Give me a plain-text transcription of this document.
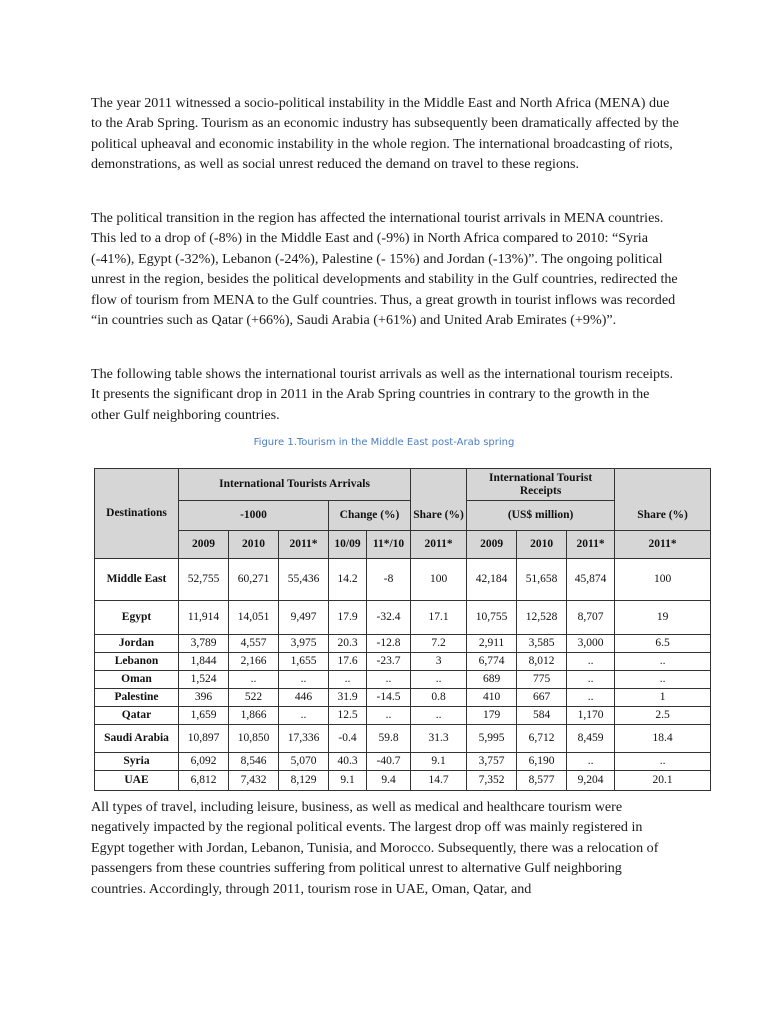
The year 2011 witnessed a socio-political instability in the Middle East and North Africa (MENA) due to the Arab Spring. Tourism as an economic industry has subsequently been dramatically affected by the political upheaval and economic instability in the whole region. The international broadcasting of riots, demonstrations, as well as social unrest reduced the demand on travel to these regions.

The political transition in the region has affected the international tourist arrivals in MENA countries. This led to a drop of (-8%) in the Middle East and (-9%) in North Africa compared to 2010: “Syria (-41%), Egypt (-32%), Lebanon (-24%), Palestine (- 15%) and Jordan (-13%)”. The ongoing political unrest in the region, besides the political developments and stability in the Gulf countries, redirected the flow of tourism from MENA to the Gulf countries. Thus, a great growth in tourist inflows was recorded “in countries such as Qatar (+66%), Saudi Arabia (+61%) and United Arab Emirates (+9%)”.

The following table shows the international tourist arrivals as well as the international tourism receipts. It presents the significant drop in 2011 in the Arab Spring countries in contrary to the growth in the other Gulf neighboring countries.

Figure 1.Tourism in the Middle East post-Arab spring
Destinations	International Tourists Arrivals						International Tourist Receipts			
	-1000			Change (%)		Share (%)	(US$ million)			Share (%)
	2009	2010	2011*	10/09	11*/10	2011*	2009	2010	2011*	2011*
Middle East	52,755	60,271	55,436	14.2	-8	100	42,184	51,658	45,874	100
Egypt	11,914	14,051	9,497	17.9	-32.4	17.1	10,755	12,528	8,707	19
Jordan	3,789	4,557	3,975	20.3	-12.8	7.2	2,911	3,585	3,000	6.5
Lebanon	1,844	2,166	1,655	17.6	-23.7	3	6,774	8,012	..	..
Oman	1,524	..	..	..	..	..	689	775	..	..
Palestine	396	522	446	31.9	-14.5	0.8	410	667	..	1
Qatar	1,659	1,866	..	12.5	..	..	179	584	1,170	2.5
Saudi Arabia	10,897	10,850	17,336	-0.4	59.8	31.3	5,995	6,712	8,459	18.4
Syria	6,092	8,546	5,070	40.3	-40.7	9.1	3,757	6,190	..	..
UAE	6,812	7,432	8,129	9.1	9.4	14.7	7,352	8,577	9,204	20.1

All types of travel, including leisure, business, as well as medical and healthcare tourism were negatively impacted by the regional political events. The largest drop off was mainly registered in Egypt together with Jordan, Lebanon, Tunisia, and Morocco. Subsequently, there was a relocation of passengers from these countries suffering from political unrest to alternative Gulf neighboring countries. Accordingly, through 2011, tourism rose in UAE, Oman, Qatar, and
